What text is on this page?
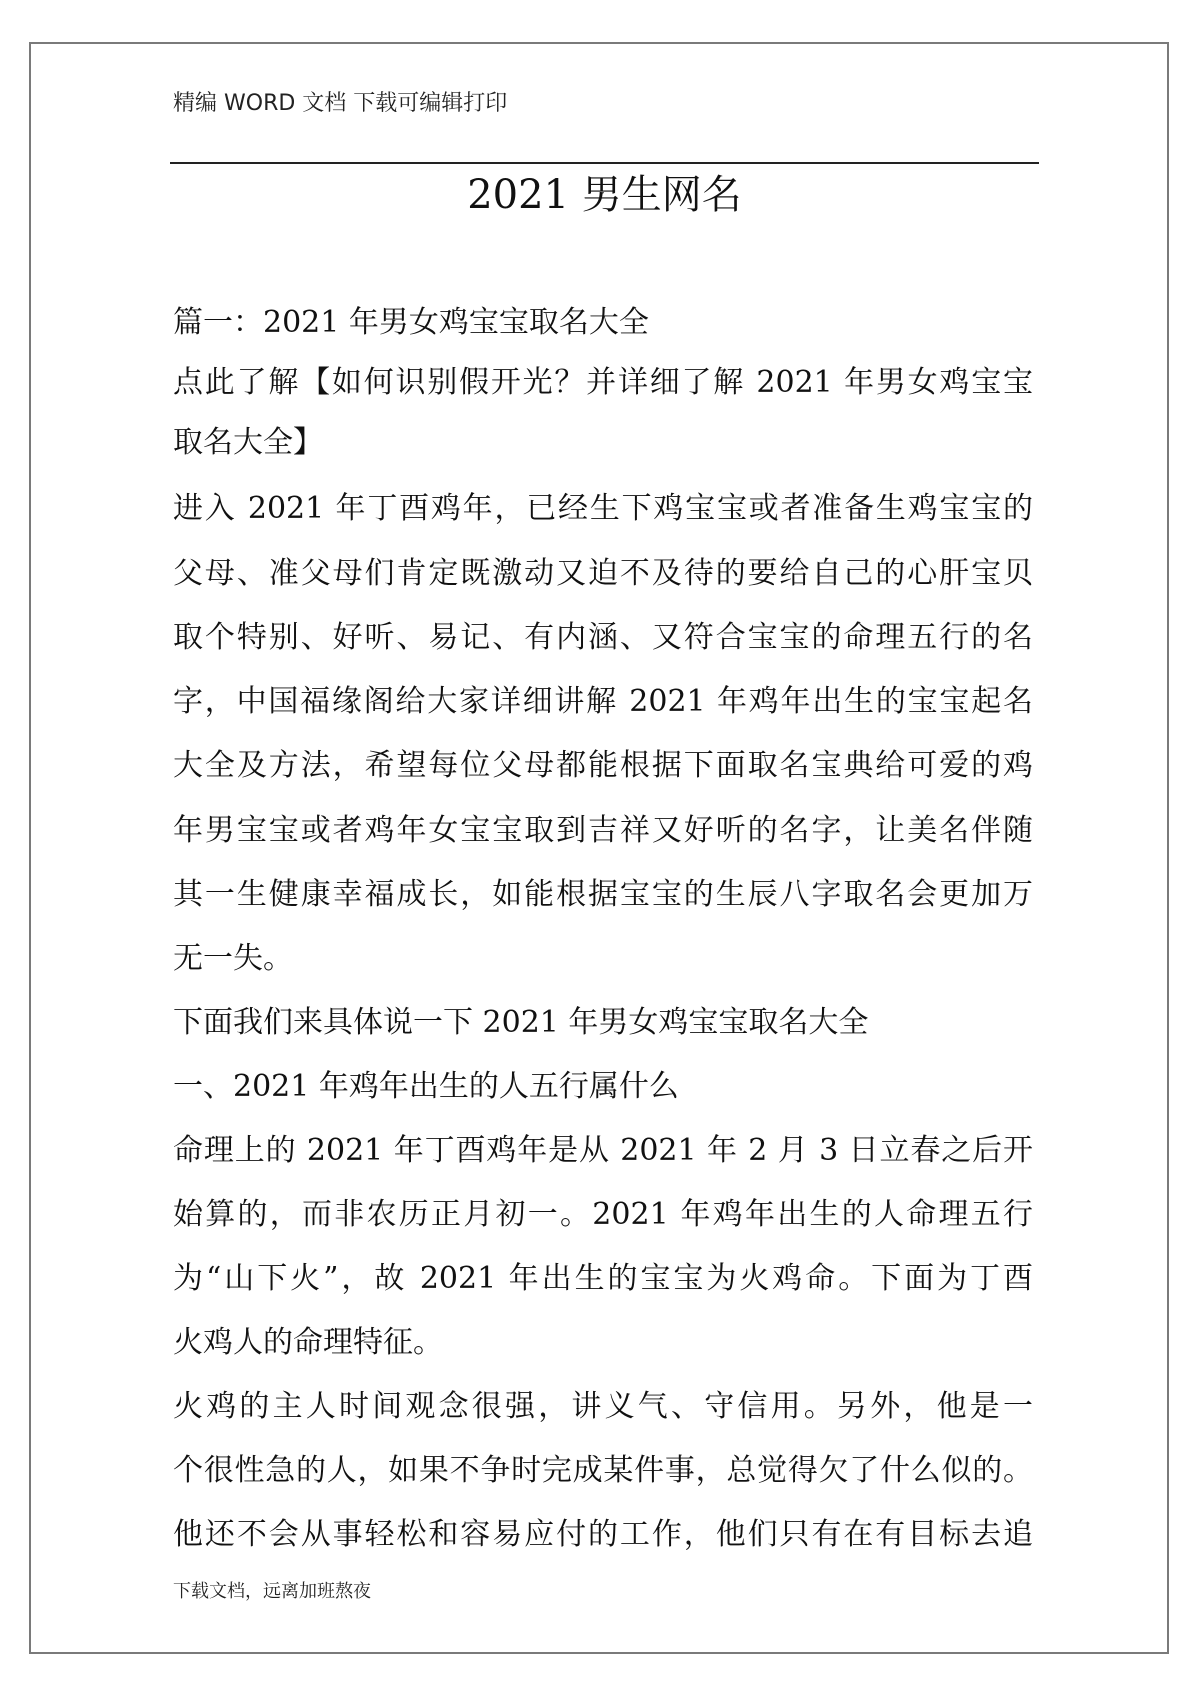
精编 WORD 文档 下载可编辑打印
2021 男生网名
篇一：2021 年男女鸡宝宝取名大全
点此了解【如何识别假开光？并详细了解 2021 年男女鸡宝宝
取名大全】
进入 2021 年丁酉鸡年，已经生下鸡宝宝或者准备生鸡宝宝的
父母、准父母们肯定既激动又迫不及待的要给自己的心肝宝贝
取个特别、好听、易记、有内涵、又符合宝宝的命理五行的名
字，中国福缘阁给大家详细讲解 2021 年鸡年出生的宝宝起名
大全及方法，希望每位父母都能根据下面取名宝典给可爱的鸡
年男宝宝或者鸡年女宝宝取到吉祥又好听的名字，让美名伴随
其一生健康幸福成长，如能根据宝宝的生辰八字取名会更加万
无一失。
下面我们来具体说一下 2021 年男女鸡宝宝取名大全
一、2021 年鸡年出生的人五行属什么
命理上的 2021 年丁酉鸡年是从 2021 年 2 月 3 日立春之后开
始算的，而非农历正月初一。2021 年鸡年出生的人命理五行
为“山下火”，故 2021 年出生的宝宝为火鸡命。下面为丁酉
火鸡人的命理特征。
火鸡的主人时间观念很强，讲义气、守信用。另外，他是一
个很性急的人，如果不争时完成某件事，总觉得欠了什么似的。
他还不会从事轻松和容易应付的工作，他们只有在有目标去追
下载文档，远离加班熬夜
